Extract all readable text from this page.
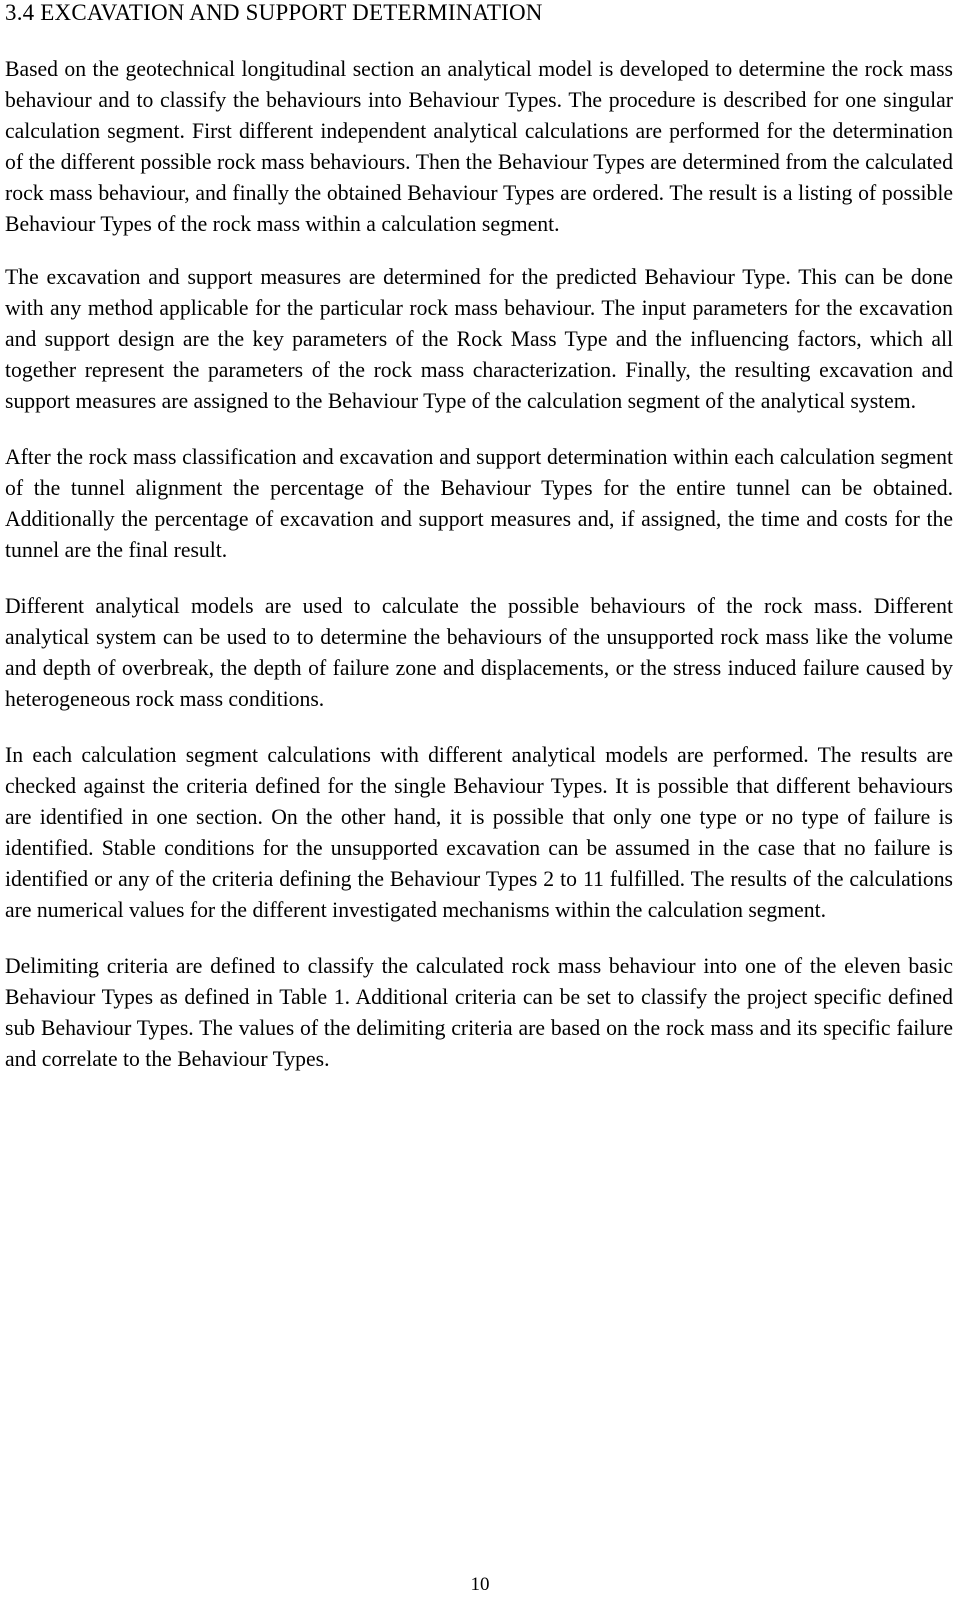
3.4 EXCAVATION AND SUPPORT DETERMINATION

Based on the geotechnical longitudinal section an analytical model is developed to determine the rock mass behaviour and to classify the behaviours into Behaviour Types. The procedure is described for one singular calculation segment. First different independent analytical calculations are performed for the determination of the different possible rock mass behaviours. Then the Behaviour Types are determined from the calculated rock mass behaviour, and finally the obtained Behaviour Types are ordered. The result is a listing of possible Behaviour Types of the rock mass within a calculation segment.

The excavation and support measures are determined for the predicted Behaviour Type. This can be done with any method applicable for the particular rock mass behaviour. The input parameters for the excavation and support design are the key parameters of the Rock Mass Type and the influencing factors, which all together represent the parameters of the rock mass characterization. Finally, the resulting excavation and support measures are assigned to the Behaviour Type of the calculation segment of the analytical system.

After the rock mass classification and excavation and support determination within each calculation segment of the tunnel alignment the percentage of the Behaviour Types for the entire tunnel can be obtained. Additionally the percentage of excavation and support measures and, if assigned, the time and costs for the tunnel are the final result.

Different analytical models are used to calculate the possible behaviours of the rock mass. Different analytical system can be used to to determine the behaviours of the unsupported rock mass like the volume and depth of overbreak, the depth of failure zone and displacements, or the stress induced failure caused by heterogeneous rock mass conditions.

In each calculation segment calculations with different analytical models are performed. The results are checked against the criteria defined for the single Behaviour Types. It is possible that different behaviours are identified in one section. On the other hand, it is possible that only one type or no type of failure is identified. Stable conditions for the unsupported excavation can be assumed in the case that no failure is identified or any of the criteria defining the Behaviour Types 2 to 11 fulfilled. The results of the calculations are numerical values for the different investigated mechanisms within the calculation segment.

Delimiting criteria are defined to classify the calculated rock mass behaviour into one of the eleven basic Behaviour Types as defined in Table 1. Additional criteria can be set to classify the project specific defined sub Behaviour Types. The values of the delimiting criteria are based on the rock mass and its specific failure and correlate to the Behaviour Types.

10
